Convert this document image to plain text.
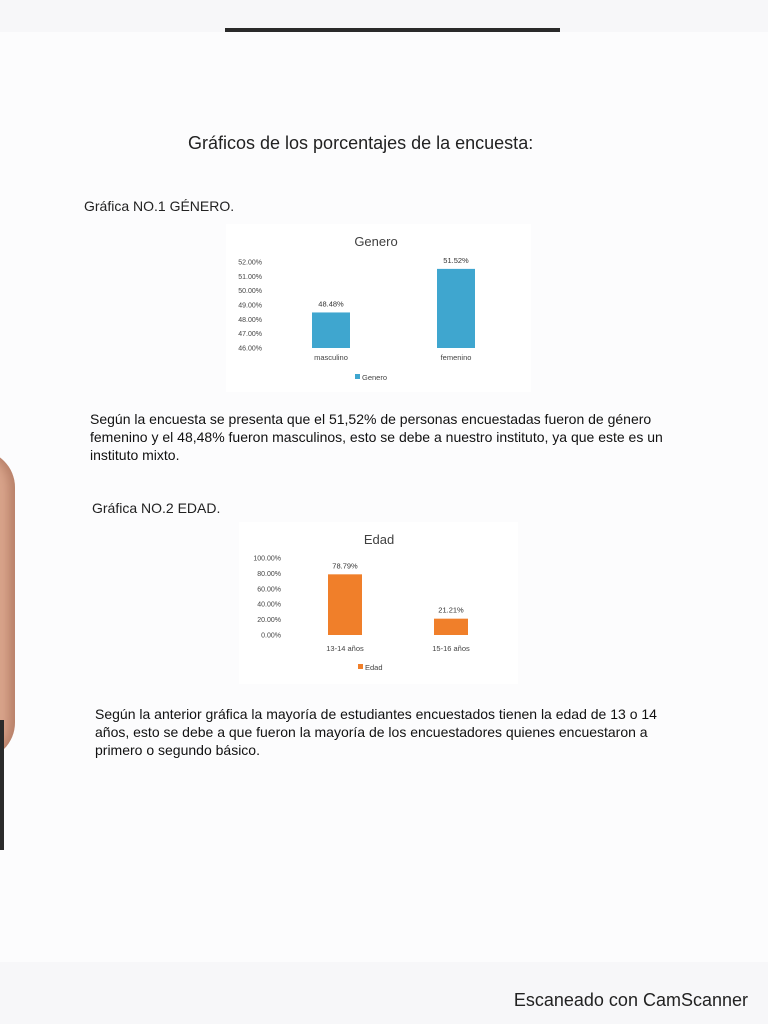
Gráficos de los porcentajes de la encuesta:
Gráfica NO.1 GÉNERO.
Genero
52.00%
51.00%
50.00%
49.00%
48.00%
47.00%
46.00%
48.48%
masculino
51.52%
femenino
Genero
Según la encuesta se presenta que el 51,52% de personas encuestadas fueron de género femenino y el 48,48% fueron masculinos, esto se debe a nuestro instituto, ya que este es un instituto mixto.
Gráfica NO.2 EDAD.
Edad
100.00%
80.00%
60.00%
40.00%
20.00%
0.00%
78.79%
13-14 años
21.21%
15-16 años
Edad
Según la anterior gráfica la mayoría de estudiantes encuestados tienen la edad de 13 o 14 años, esto se debe a que fueron la mayoría de los encuestadores quienes encuestaron a primero o segundo básico.
Escaneado con CamScanner
